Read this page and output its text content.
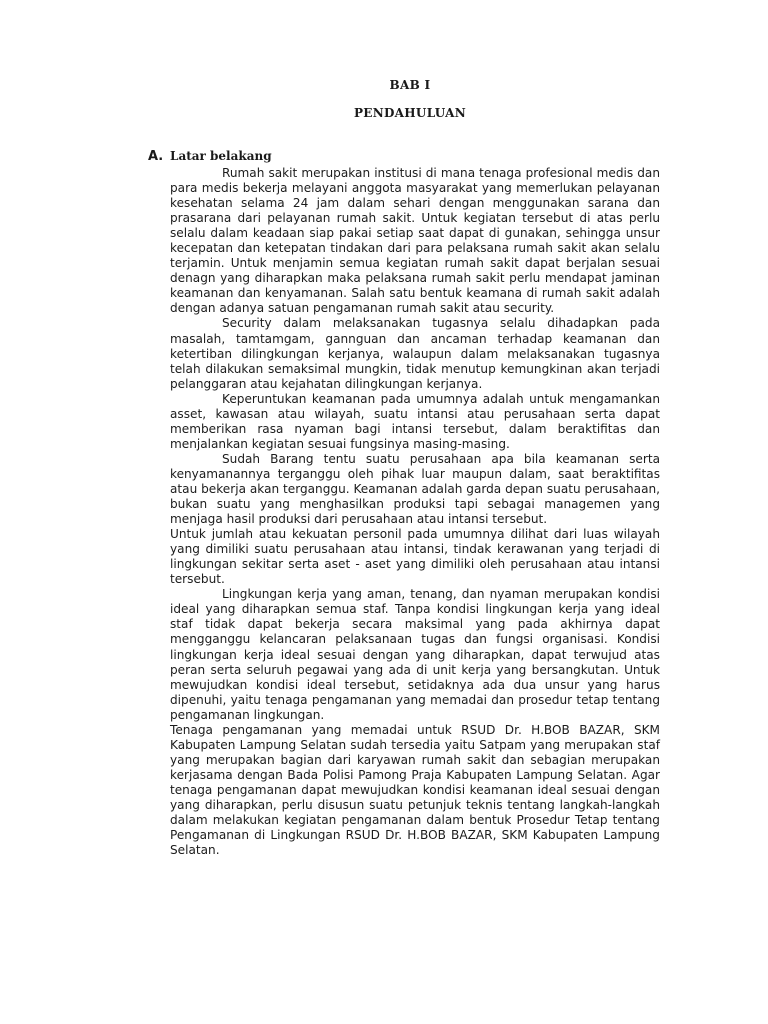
BAB I
PENDAHULUAN
A. Latar belakang

Rumah sakit merupakan institusi di mana tenaga profesional medis dan para medis bekerja melayani anggota masyarakat yang memerlukan pelayanan kesehatan selama 24 jam dalam sehari dengan menggunakan sarana dan prasarana dari pelayanan rumah sakit. Untuk kegiatan tersebut di atas perlu selalu dalam keadaan siap pakai setiap saat dapat di gunakan, sehingga unsur kecepatan dan ketepatan tindakan dari para pelaksana rumah sakit akan selalu terjamin. Untuk menjamin semua kegiatan rumah sakit dapat berjalan sesuai denagn yang diharapkan maka pelaksana rumah sakit perlu mendapat jaminan keamanan dan kenyamanan. Salah satu bentuk keamana di rumah sakit adalah dengan adanya satuan pengamanan rumah sakit atau security.

Security dalam melaksanakan tugasnya selalu dihadapkan pada masalah, tamtamgam, gannguan dan ancaman terhadap keamanan dan ketertiban dilingkungan kerjanya, walaupun dalam melaksanakan tugasnya telah dilakukan semaksimal mungkin, tidak menutup kemungkinan akan terjadi pelanggaran atau kejahatan dilingkungan kerjanya.

Keperuntukan keamanan pada umumnya adalah untuk mengamankan asset, kawasan atau wilayah, suatu intansi atau perusahaan serta dapat memberikan rasa nyaman bagi intansi tersebut, dalam beraktifitas dan menjalankan kegiatan sesuai fungsinya masing-masing.

Sudah Barang tentu suatu perusahaan apa bila keamanan serta kenyamanannya terganggu oleh pihak luar maupun dalam, saat beraktifitas atau bekerja akan terganggu. Keamanan adalah garda depan suatu perusahaan, bukan suatu yang menghasilkan produksi tapi sebagai managemen yang menjaga hasil produksi dari perusahaan atau intansi tersebut.

Untuk jumlah atau kekuatan personil pada umumnya dilihat dari luas wilayah yang dimiliki suatu perusahaan atau intansi, tindak kerawanan yang terjadi di lingkungan sekitar serta aset - aset yang dimiliki oleh perusahaan atau intansi tersebut.

Lingkungan kerja yang aman, tenang, dan nyaman merupakan kondisi ideal yang diharapkan semua staf. Tanpa kondisi lingkungan kerja yang ideal staf tidak dapat bekerja secara maksimal yang pada akhirnya dapat mengganggu kelancaran pelaksanaan tugas dan fungsi organisasi. Kondisi lingkungan kerja ideal sesuai dengan yang diharapkan, dapat terwujud atas peran serta seluruh pegawai yang ada di unit kerja yang bersangkutan. Untuk mewujudkan kondisi ideal tersebut, setidaknya ada dua unsur yang harus dipenuhi, yaitu tenaga pengamanan yang memadai dan prosedur tetap tentang pengamanan lingkungan.

Tenaga pengamanan yang memadai untuk RSUD Dr. H.BOB BAZAR, SKM Kabupaten Lampung Selatan sudah tersedia yaitu Satpam yang merupakan staf yang merupakan bagian dari karyawan rumah sakit dan sebagian merupakan kerjasama dengan Bada Polisi Pamong Praja Kabupaten Lampung Selatan. Agar tenaga pengamanan dapat mewujudkan kondisi keamanan ideal sesuai dengan yang diharapkan, perlu disusun suatu petunjuk teknis tentang langkah-langkah dalam melakukan kegiatan pengamanan dalam bentuk Prosedur Tetap tentang Pengamanan di Lingkungan RSUD Dr. H.BOB BAZAR, SKM Kabupaten Lampung Selatan.
